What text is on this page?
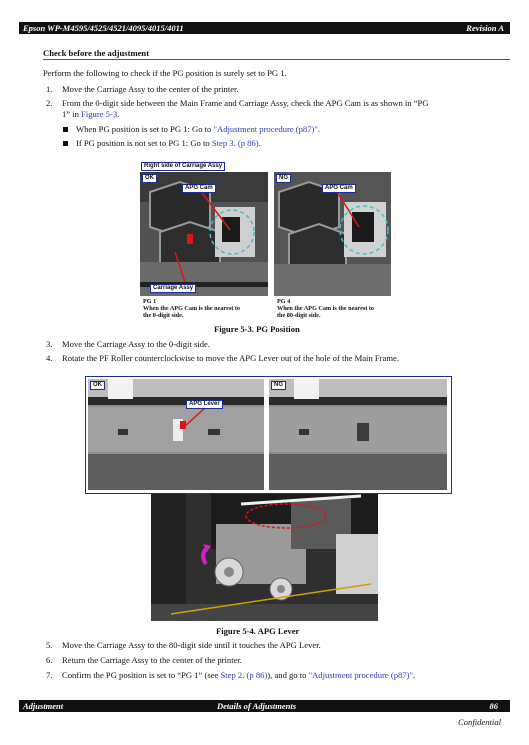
Epson WP-M4595/4525/4521/4095/4015/4011	Revision A
Check before the adjustment
Perform the following to check if the PG position is surely set to PG 1.
1. Move the Carriage Assy to the center of the printer.
2. From the 0-digit side between the Main Frame and Carriage Assy, check the APG Cam is as shown in “PG
1” in Figure 5-3.
When PG position is set to PG 1: Go to "Adjustment procedure (p87)".
If PG position is not set to PG 1: Go to Step 3. (p 86).
Right side of Carriage Assy
OK
APG Cam
Carriage Assy
NG
APG Cam
PG 1
When the APG Cam is the nearest to
the 0-digit side.
PG 4
When the APG Cam is the nearest to
the 80-digit side.
Figure 5-3. PG Position
3. Move the Carriage Assy to the 0-digit side.
4. Rotate the PF Roller counterclockwise to move the APG Lever out of the hole of the Main Frame.
OK
APG Lever
NG
Figure 5-4. APG Lever
5. Move the Carriage Assy to the 80-digit side until it touches the APG Lever.
6. Return the Carriage Assy to the center of the printer.
7. Confirm the PG position is set to “PG 1” (see Step 2. (p 86)), and go to "Adjustment procedure (p87)".
Adjustment	Details of Adjustments	86
Confidential
